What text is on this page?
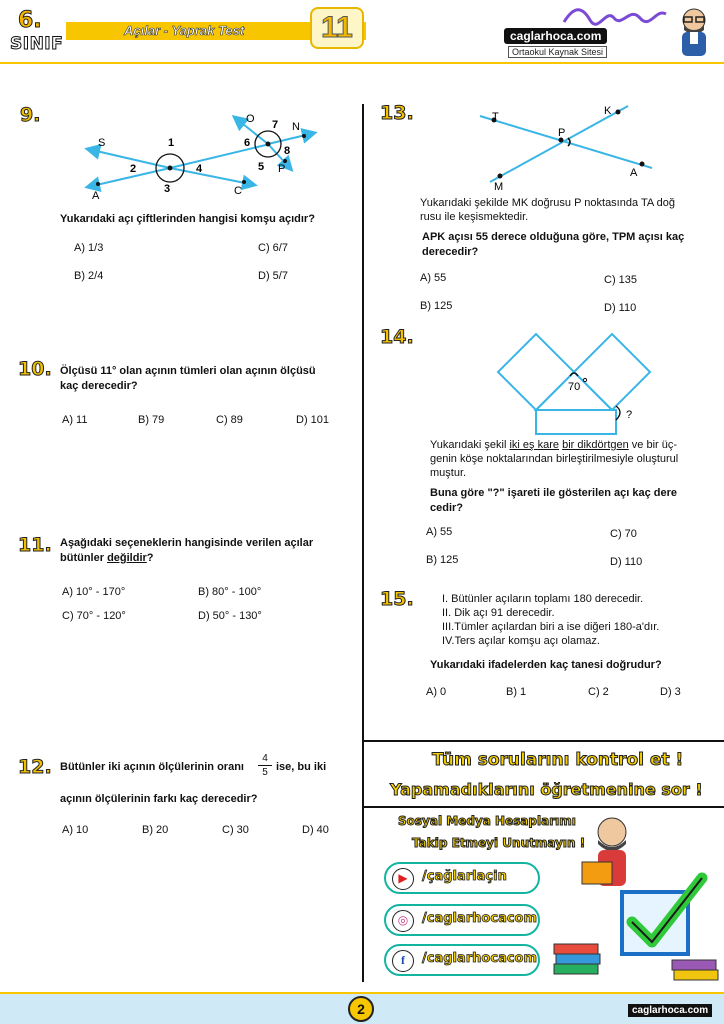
6.
SINIF
Açılar - Yaprak Test	11	caglarhoca.com
Ortaokul Kaynak Sitesi
9.
S
A
1
2
3
4
C
O 7 N
6
8
5 P
Yukarıdaki açı çiftlerinden hangisi komşu açıdır?
A) 1/3	C) 6/7
B) 2/4	D) 5/7
10. Ölçüsü 11° olan açının tümleri olan açının ölçüsü
kaç derecedir?
A) 11	B) 79	C) 89	D) 101
11. Aşağıdaki seçeneklerin hangisinde verilen açılar
bütünler değildir?
A) 10° - 170°	B) 80° - 100°
C) 70° - 120°	D) 50° - 130°
12. Bütünler iki açının ölçülerinin oranı	$\frac{4}{5}$ ise, bu iki
açının ölçülerinin farkı kaç derecedir?
A) 10	B) 20	C) 30	D) 40
13.	T	K
P
M
A
Yukarıdaki şekilde MK doğrusu P noktasında TA doğ
rusu ile keşismektedir.
APK açısı 55 derece olduğuna göre, TPM açısı kaç
derecedir?
A) 55	C) 135
B) 125	D) 110
14.
70
?
Yukarıdaki şekil iki eş kare bir dikdörtgen ve bir üç-
genin köşe noktalarından birleştirilmesiyle oluşturul
muştur.
Buna göre "?" işareti ile gösterilen açı kaç dere
cedir?
A) 55	C) 70
B) 125	D) 110
15.	I. Bütünler açıların toplamı 180 derecedir.
II. Dik açı 91 derecedir.
III.Tümler açılardan biri a ise diğeri 180-a'dır.
IV.Ters açılar komşu açı olamaz.
Yukarıdaki ifadelerden kaç tanesi doğrudur?
A) 0	B) 1	C) 2	D) 3
Tüm sorularını kontrol et !
Yapamadıklarını öğretmenine sor !
Sosyal Medya Hesaplarımı
Takip Etmeyi Unutmayın !
▶	/çağlarlaçin
◎	/caglarhocacom
f	/caglarhocacom
2	caglarhoca.com
